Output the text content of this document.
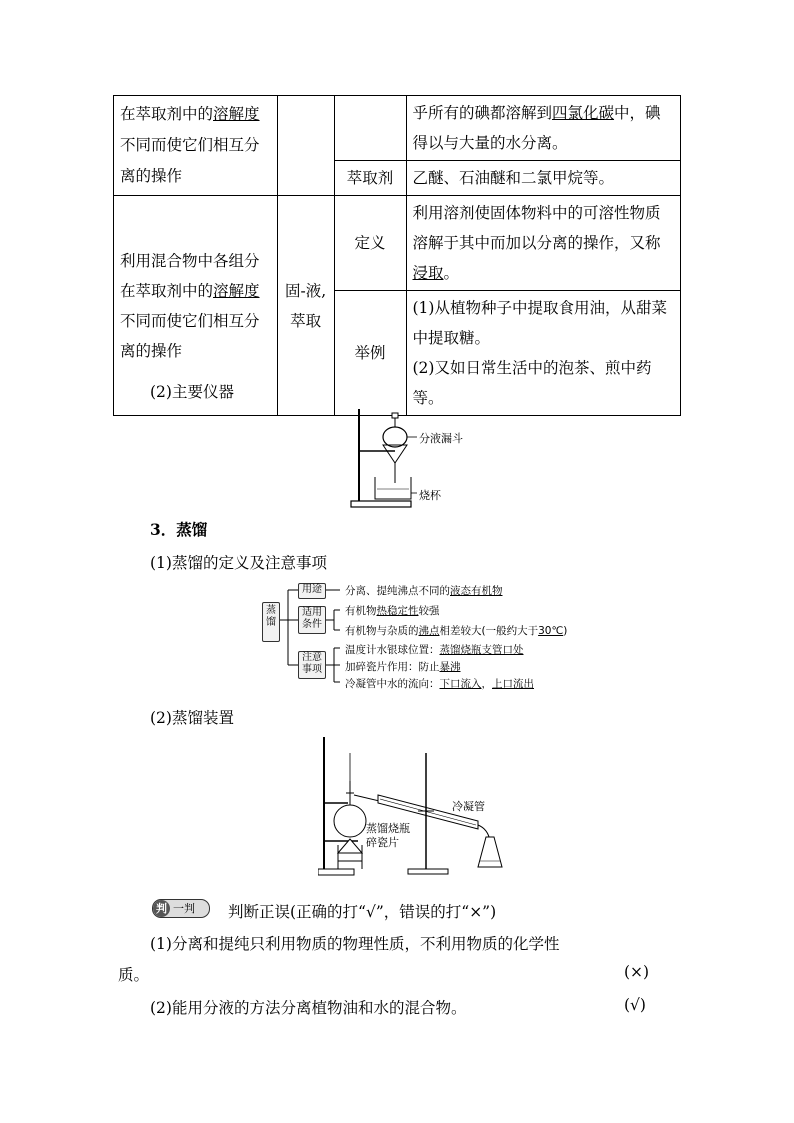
在萃取剂中的溶解度不同而使它们相互分离的操作			乎所有的碘都溶解到四氯化碳中，碘得以与大量的水分离。
		萃取剂	乙醚、石油醚和二氯甲烷等。
利用混合物中各组分在萃取剂中的溶解度不同而使它们相互分离的操作	固-液,萃取	定义	利用溶剂使固体物料中的可溶性物质溶解于其中而加以分离的操作，又称浸取。
		举例	(1)从植物种子中提取食用油，从甜菜中提取糖。
(2)又如日常生活中的泡茶、煎中药等。
(2)主要仪器
分液漏斗
烧杯
3．蒸馏
(1)蒸馏的定义及注意事项
蒸馏
用途
适用条件
注意事项
分离、提纯沸点不同的液态有机物
有机物热稳定性较强
有机物与杂质的沸点相差较大(一般约大于30℃)
温度计水银球位置：蒸馏烧瓶支管口处
加碎瓷片作用：防止暴沸
冷凝管中水的流向：下口流入，上口流出
(2)蒸馏装置
冷凝管
蒸馏烧瓶
碎瓷片
判 一判	判断正误(正确的打“√”，错误的打“×”)
(1)分离和提纯只利用物质的物理性质，不利用物质的化学性
质。	(×)
(2)能用分液的方法分离植物油和水的混合物。	(√)
